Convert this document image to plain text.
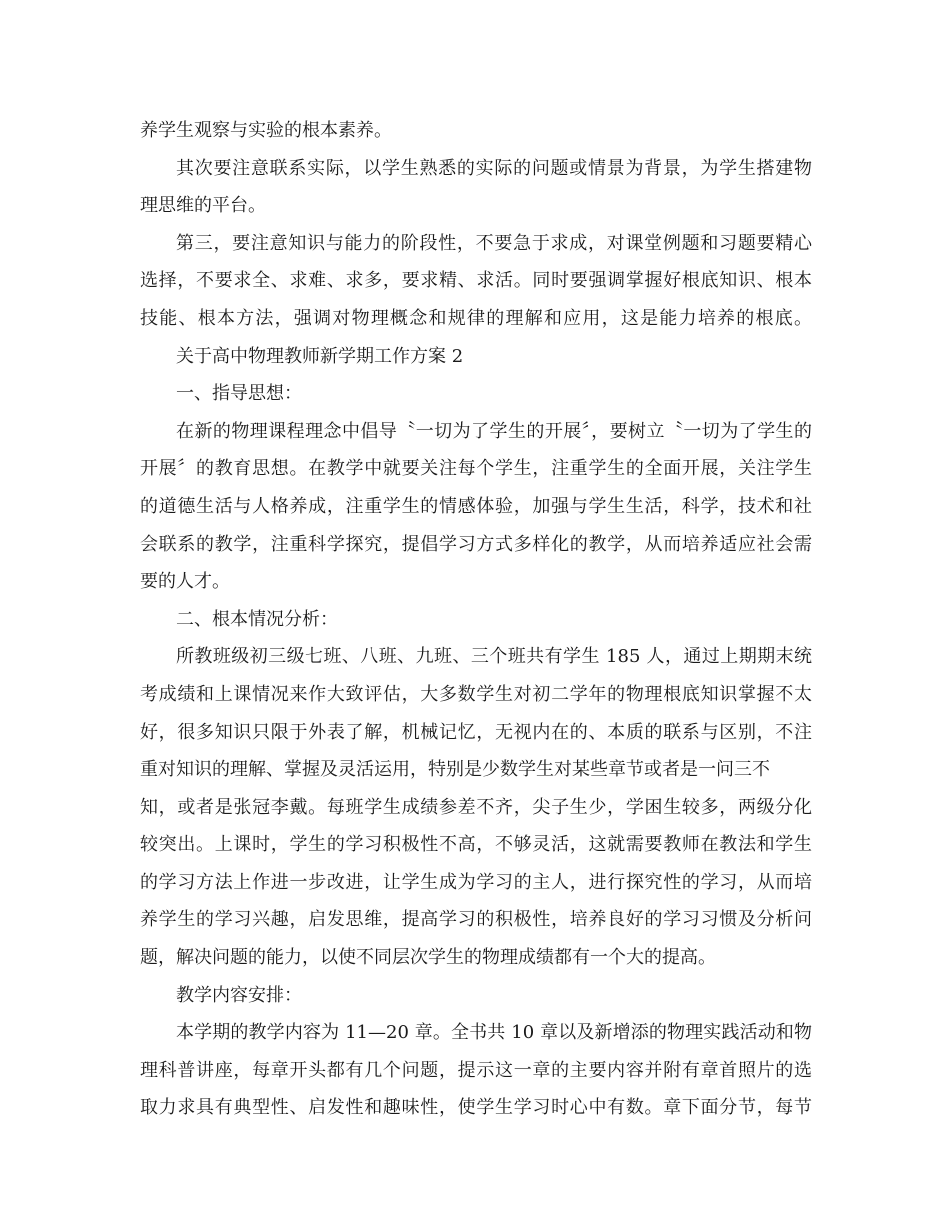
养学生观察与实验的根本素养。
其次要注意联系实际，以学生熟悉的实际的问题或情景为背景，为学生搭建物
理思维的平台。
第三，要注意知识与能力的阶段性，不要急于求成，对课堂例题和习题要精心
选择，不要求全、求难、求多，要求精、求活。同时要强调掌握好根底知识、根本
技能、根本方法，强调对物理概念和规律的理解和应用，这是能力培养的根底。
关于高中物理教师新学期工作方案 2
一、指导思想：
在新的物理课程理念中倡导〝一切为了学生的开展〞，要树立〝一切为了学生的
开展〞的教育思想。在教学中就要关注每个学生，注重学生的全面开展，关注学生
的道德生活与人格养成，注重学生的情感体验，加强与学生生活，科学，技术和社
会联系的教学，注重科学探究，提倡学习方式多样化的教学，从而培养适应社会需
要的人才。
二、根本情况分析：
所教班级初三级七班、八班、九班、三个班共有学生 185 人，通过上期期末统
考成绩和上课情况来作大致评估，大多数学生对初二学年的物理根底知识掌握不太
好，很多知识只限于外表了解，机械记忆，无视内在的、本质的联系与区别，不注
重对知识的理解、掌握及灵活运用，特别是少数学生对某些章节或者是一问三不
知，或者是张冠李戴。每班学生成绩参差不齐，尖子生少，学困生较多，两级分化
较突出。上课时，学生的学习积极性不高，不够灵活，这就需要教师在教法和学生
的学习方法上作进一步改进，让学生成为学习的主人，进行探究性的学习，从而培
养学生的学习兴趣，启发思维，提高学习的积极性，培养良好的学习习惯及分析问
题，解决问题的能力，以使不同层次学生的物理成绩都有一个大的提高。
教学内容安排：
本学期的教学内容为 11—20 章。全书共 10 章以及新增添的物理实践活动和物
理科普讲座，每章开头都有几个问题，提示这一章的主要内容并附有章首照片的选
取力求具有典型性、启发性和趣味性，使学生学习时心中有数。章下面分节，每节
